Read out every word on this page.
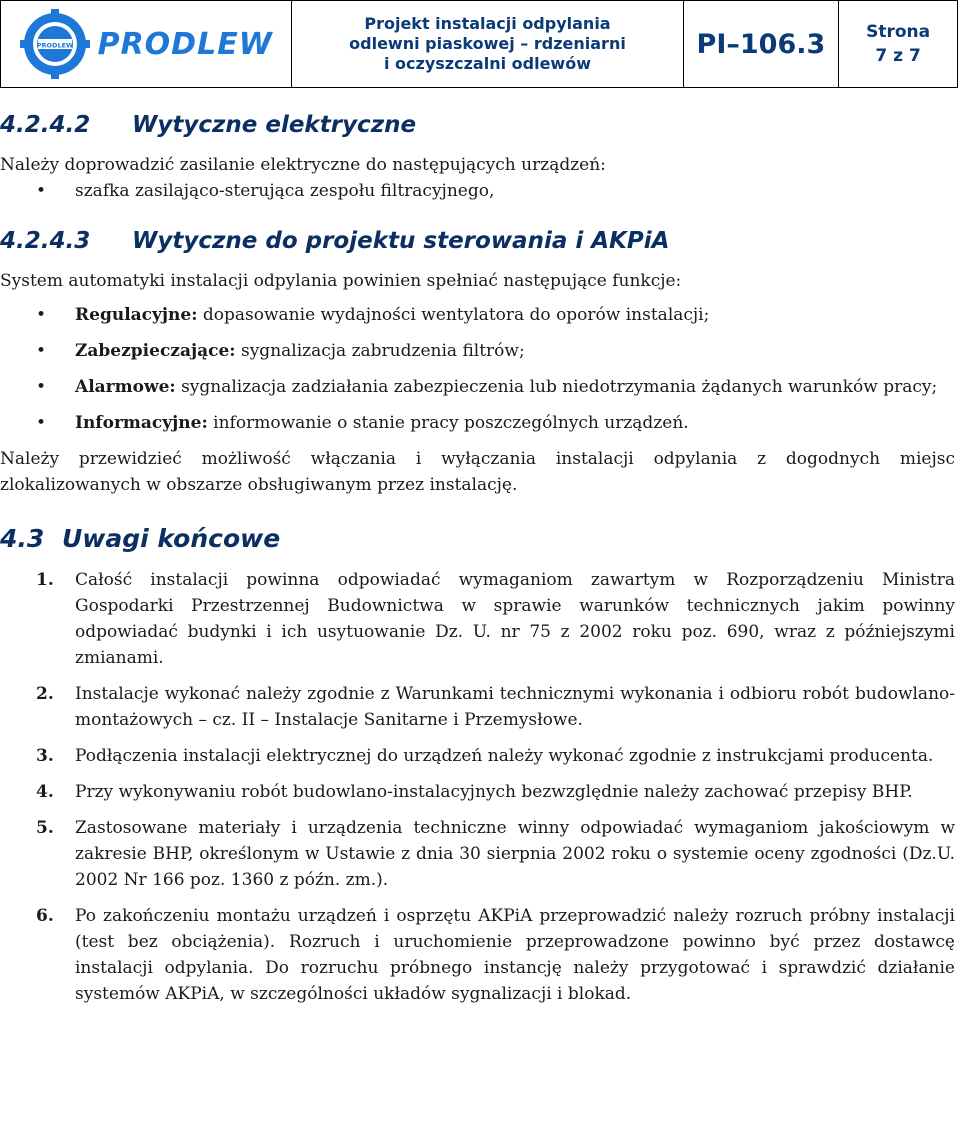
PRODLEW PRODLEW
Projekt instalacji odpylania
odlewni piaskowej – rdzeniarni
i oczyszczalni odlewów
PI–106.3	Strona
7 z 7
4.2.4.2	Wytyczne elektryczne

Należy doprowadzić zasilanie elektryczne do następujących urządzeń:

•	szafka zasilająco-sterująca zespołu filtracyjnego,
4.2.4.3	Wytyczne do projektu sterowania i AKPiA

System automatyki instalacji odpylania powinien spełniać następujące funkcje:

•	Regulacyjne: dopasowanie wydajności wentylatora do oporów instalacji;
•	Zabezpieczające: sygnalizacja zabrudzenia filtrów;
•	Alarmowe: sygnalizacja zadziałania zabezpieczenia lub niedotrzymania żądanych warunków pracy;
•	Informacyjne: informowanie o stanie pracy poszczególnych urządzeń.

Należy przewidzieć możliwość włączania i wyłączania instalacji odpylania z dogodnych miejsc zlokalizowanych w obszarze obsługiwanym przez instalację.

4.3 Uwagi końcowe
1.	Całość instalacji powinna odpowiadać wymaganiom zawartym w Rozporządzeniu Ministra Gospodarki Przestrzennej Budownictwa w sprawie warunków technicznych jakim powinny odpowiadać budynki i ich usytuowanie Dz. U. nr 75 z 2002 roku poz. 690, wraz z późniejszymi zmianami.
2.	Instalacje wykonać należy zgodnie z Warunkami technicznymi wykonania i odbioru robót budowlano-montażowych – cz. II – Instalacje Sanitarne i Przemysłowe.
3.	Podłączenia instalacji elektrycznej do urządzeń należy wykonać zgodnie z instrukcjami producenta.
4.	Przy wykonywaniu robót budowlano-instalacyjnych bezwzględnie należy zachować przepisy BHP.
5.	Zastosowane materiały i urządzenia techniczne winny odpowiadać wymaganiom jakościowym w zakresie BHP, określonym w Ustawie z dnia 30 sierpnia 2002 roku o systemie oceny zgodności (Dz.U. 2002 Nr 166 poz. 1360 z późn. zm.).
6.	Po zakończeniu montażu urządzeń i osprzętu AKPiA przeprowadzić należy rozruch próbny instalacji (test bez obciążenia). Rozruch i uruchomienie przeprowadzone powinno być przez dostawcę instalacji odpylania. Do rozruchu próbnego instancję należy przygotować i sprawdzić działanie systemów AKPiA, w szczególności układów sygnalizacji i blokad.
